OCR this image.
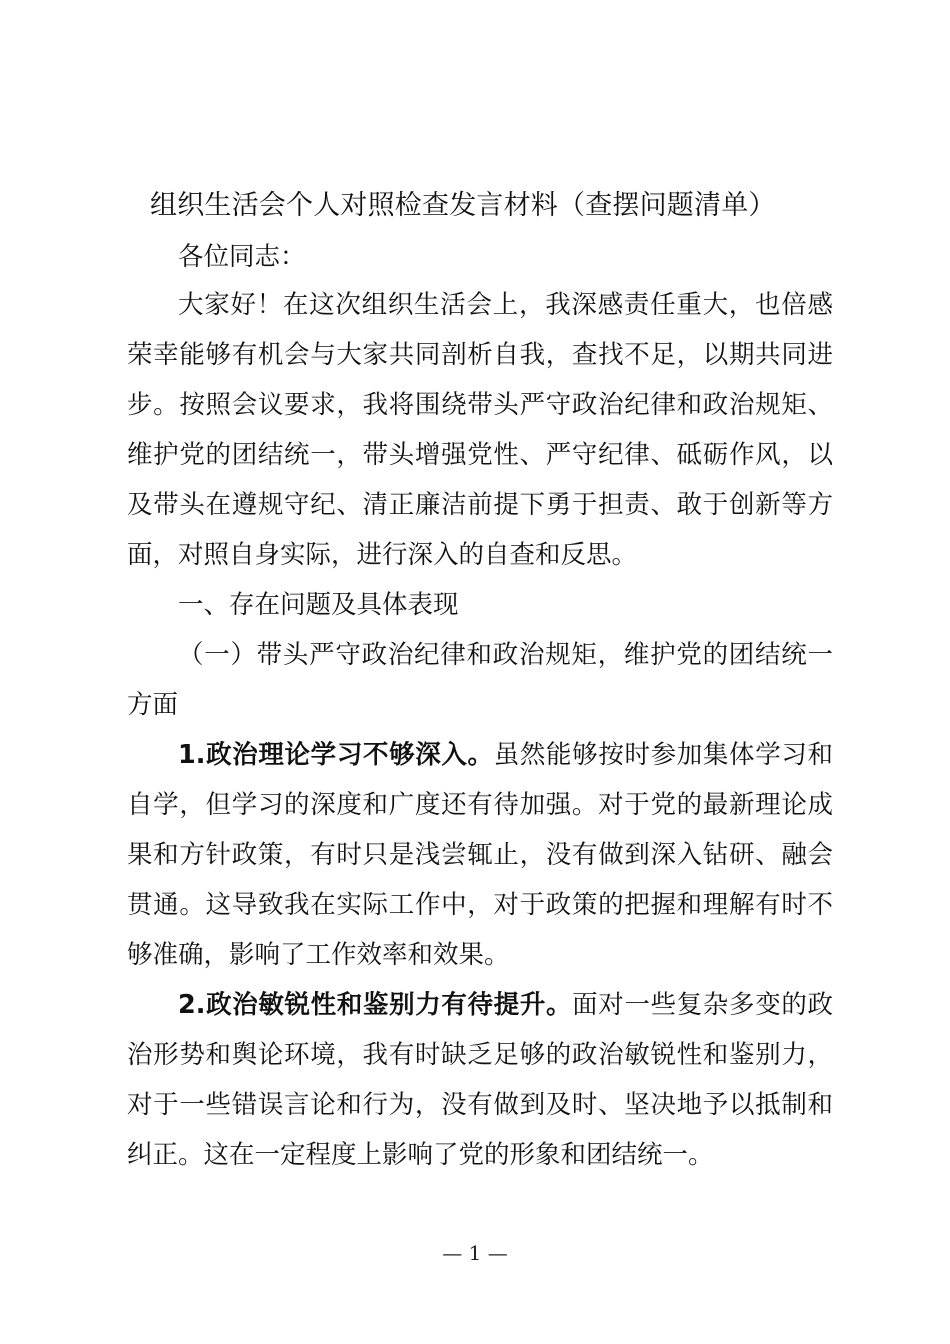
组织生活会个人对照检查发言材料（查摆问题清单）

各位同志：

大家好！在这次组织生活会上，我深感责任重大，也倍感荣幸能够有机会与大家共同剖析自我，查找不足，以期共同进步。按照会议要求，我将围绕带头严守政治纪律和政治规矩、维护党的团结统一，带头增强党性、严守纪律、砥砺作风，以及带头在遵规守纪、清正廉洁前提下勇于担责、敢于创新等方面，对照自身实际，进行深入的自查和反思。

一、存在问题及具体表现

（一）带头严守政治纪律和政治规矩，维护党的团结统一方面

1.政治理论学习不够深入。虽然能够按时参加集体学习和自学，但学习的深度和广度还有待加强。对于党的最新理论成果和方针政策，有时只是浅尝辄止，没有做到深入钻研、融会贯通。这导致我在实际工作中，对于政策的把握和理解有时不够准确，影响了工作效率和效果。

2.政治敏锐性和鉴别力有待提升。面对一些复杂多变的政治形势和舆论环境，我有时缺乏足够的政治敏锐性和鉴别力，对于一些错误言论和行为，没有做到及时、坚决地予以抵制和纠正。这在一定程度上影响了党的形象和团结统一。

— 1 —
